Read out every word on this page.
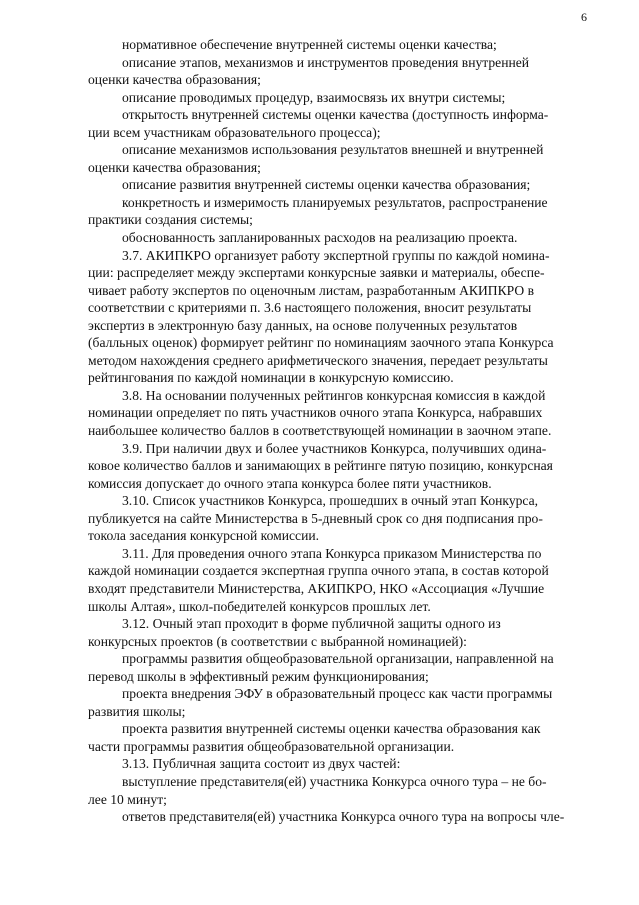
6

нормативное обеспечение внутренней системы оценки качества;

описание этапов, механизмов и инструментов проведения внутренней
оценки качества образования;

описание проводимых процедур, взаимосвязь их внутри системы;

открытость внутренней системы оценки качества (доступность информа-
ции всем участникам образовательного процесса);

описание механизмов использования результатов внешней и внутренней
оценки качества образования;

описание развития внутренней системы оценки качества образования;

конкретность и измеримость планируемых результатов, распространение
практики создания системы;

обоснованность запланированных расходов на реализацию проекта.

3.7. АКИПКРО организует работу экспертной группы по каждой номина-
ции: распределяет между экспертами конкурсные заявки и материалы, обеспе-
чивает работу экспертов по оценочным листам, разработанным АКИПКРО в
соответствии с критериями п. 3.6 настоящего положения, вносит результаты
экспертиз в электронную базу данных, на основе полученных результатов
(балльных оценок) формирует рейтинг по номинациям заочного этапа Конкурса
методом нахождения среднего арифметического значения, передает результаты
рейтингования по каждой номинации в конкурсную комиссию.

3.8. На основании полученных рейтингов конкурсная комиссия в каждой
номинации определяет по пять участников очного этапа Конкурса, набравших
наибольшее количество баллов в соответствующей номинации в заочном этапе.

3.9. При наличии двух и более участников Конкурса, получивших одина-
ковое количество баллов и занимающих в рейтинге пятую позицию, конкурсная
комиссия допускает до очного этапа конкурса более пяти участников.

3.10. Список участников Конкурса, прошедших в очный этап Конкурса,
публикуется на сайте Министерства в 5-дневный срок со дня подписания про-
токола заседания конкурсной комиссии.

3.11. Для проведения очного этапа Конкурса приказом Министерства по
каждой номинации создается экспертная группа очного этапа, в состав которой
входят представители Министерства, АКИПКРО, НКО «Ассоциация «Лучшие
школы Алтая», школ-победителей конкурсов прошлых лет.

3.12. Очный этап проходит в форме публичной защиты одного из
конкурсных проектов (в соответствии с выбранной номинацией):

программы развития общеобразовательной организации, направленной на
перевод школы в эффективный режим функционирования;

проекта внедрения ЭФУ в образовательный процесс как части программы
развития школы;

проекта развития внутренней системы оценки качества образования как
части программы развития общеобразовательной организации.

3.13. Публичная защита состоит из двух частей:

выступление представителя(ей) участника Конкурса очного тура – не бо-
лее 10 минут;

ответов представителя(ей) участника Конкурса очного тура на вопросы чле-
